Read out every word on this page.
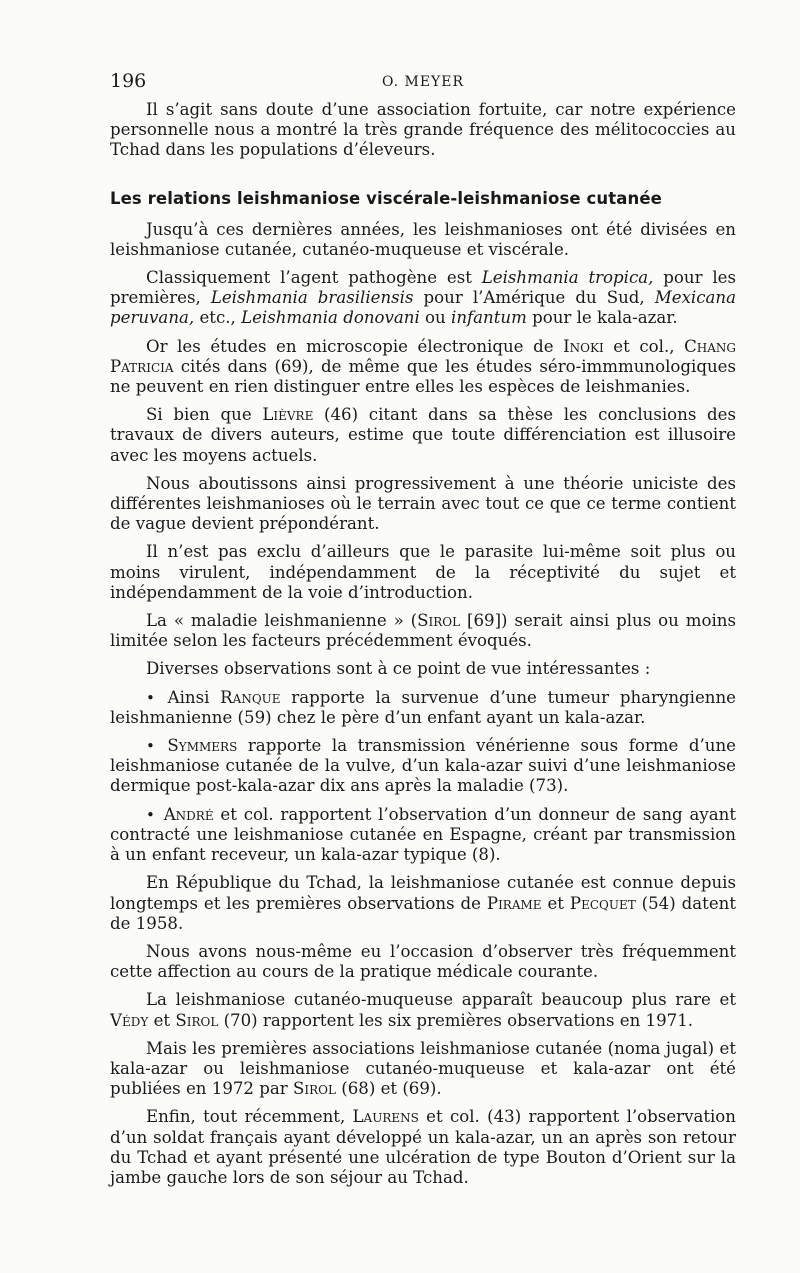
196	O. MEYER

Il s’agit sans doute d’une association fortuite, car notre expérience personnelle nous a montré la très grande fréquence des mélitococcies au Tchad dans les populations d’éleveurs.

Les relations leishmaniose viscérale-leishmaniose cutanée

Jusqu’à ces dernières années, les leishmanioses ont été divisées en leishmaniose cutanée, cutanéo-muqueuse et viscérale.

Classiquement l’agent pathogène est Leishmania tropica, pour les premières, Leishmania brasiliensis pour l’Amérique du Sud, Mexicana peruvana, etc., Leishmania donovani ou infantum pour le kala-azar.

Or les études en microscopie électronique de Inoki et col., Chang Patricia cités dans (69), de même que les études séro-immmunologiques ne peuvent en rien distinguer entre elles les espèces de leishmanies.

Si bien que Lièvre (46) citant dans sa thèse les conclusions des travaux de divers auteurs, estime que toute différenciation est illusoire avec les moyens actuels.

Nous aboutissons ainsi progressivement à une théorie uniciste des différentes leishmanioses où le terrain avec tout ce que ce terme contient de vague devient prépondérant.

Il n’est pas exclu d’ailleurs que le parasite lui-même soit plus ou moins virulent, indépendamment de la réceptivité du sujet et indépendamment de la voie d’introduction.

La « maladie leishmanienne » (Sirol [69]) serait ainsi plus ou moins limitée selon les facteurs précédemment évoqués.

Diverses observations sont à ce point de vue intéressantes :

• Ainsi Ranque rapporte la survenue d’une tumeur pharyngienne leishmanienne (59) chez le père d’un enfant ayant un kala-azar.

• Symmers rapporte la transmission vénérienne sous forme d’une leishmaniose cutanée de la vulve, d’un kala-azar suivi d’une leishmaniose dermique post-kala-azar dix ans après la maladie (73).

• André et col. rapportent l’observation d’un donneur de sang ayant contracté une leishmaniose cutanée en Espagne, créant par transmission à un enfant receveur, un kala-azar typique (8).

En République du Tchad, la leishmaniose cutanée est connue depuis longtemps et les premières observations de Pirame et Pecquet (54) datent de 1958.

Nous avons nous-même eu l’occasion d’observer très fréquemment cette affection au cours de la pratique médicale courante.

La leishmaniose cutanéo-muqueuse apparaît beaucoup plus rare et Védy et Sirol (70) rapportent les six premières observations en 1971.

Mais les premières associations leishmaniose cutanée (noma jugal) et kala-azar ou leishmaniose cutanéo-muqueuse et kala-azar ont été publiées en 1972 par Sirol (68) et (69).

Enfin, tout récemment, Laurens et col. (43) rapportent l’observation d’un soldat français ayant développé un kala-azar, un an après son retour du Tchad et ayant présenté une ulcération de type Bouton d’Orient sur la jambe gauche lors de son séjour au Tchad.
